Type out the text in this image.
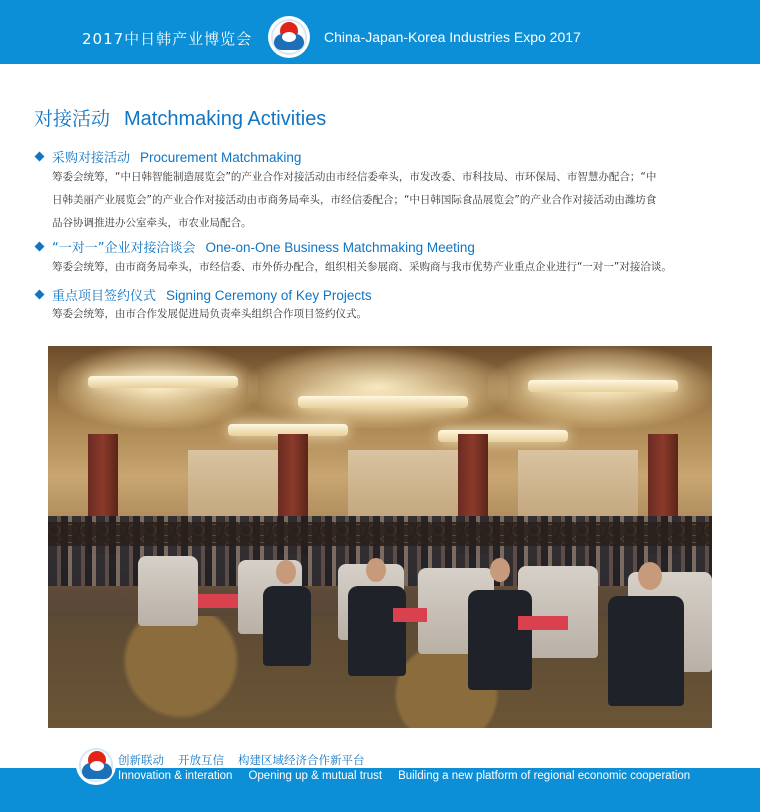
2017中日韩产业博览会	China-Japan-Korea Industries Expo 2017
对接活动 Matchmaking Activities
采购对接活动 Procurement Matchmaking
筹委会统筹，“中日韩智能制造展览会”的产业合作对接活动由市经信委牵头，市发改委、市科技局、市环保局、市智慧办配合；“中
日韩美丽产业展览会”的产业合作对接活动由市商务局牵头，市经信委配合；“中日韩国际食品展览会”的产业合作对接活动由潍坊食
品谷协调推进办公室牵头，市农业局配合。
“一对一”企业对接洽谈会 One-on-One Business Matchmaking Meeting
筹委会统筹，由市商务局牵头，市经信委、市外侨办配合，组织相关参展商、采购商与我市优势产业重点企业进行“一对一”对接洽谈。
重点项目签约仪式 Signing Ceremony of Key Projects
筹委会统筹，由市合作发展促进局负责牵头组织合作项目签约仪式。
创新联动 开放互信 构建区域经济合作新平台
Innovation & interation Opening up & mutual trust Building a new platform of regional economic cooperation
